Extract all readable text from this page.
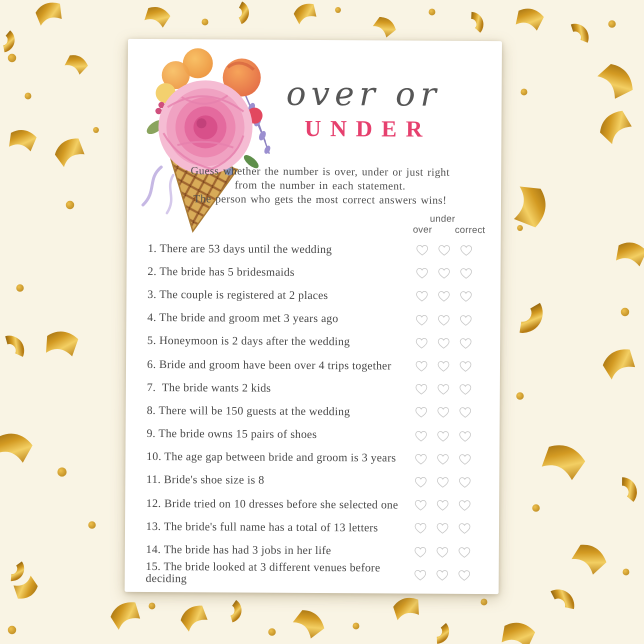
over or
UNDER
Guess whether the number is over, under or just right
from the number in each statement.
The person who gets the most correct answers wins!
over
under
correct
1. There are 53 days until the wedding
2. The bride has 5 bridesmaids
3. The couple is registered at 2 places
4. The bride and groom met 3 years ago
5. Honeymoon is 2 days after the wedding
6. Bride and groom have been over 4 trips together
7.  The bride wants 2 kids
8. There will be 150 guests at the wedding
9. The bride owns 15 pairs of shoes
10. The age gap between bride and groom is 3 years
11. Bride's shoe size is 8
12. Bride tried on 10 dresses before she selected one
13. The bride's full name has a total of 13 letters
14. The bride has had 3 jobs in her life
15. The bride looked at 3 different venues before deciding
